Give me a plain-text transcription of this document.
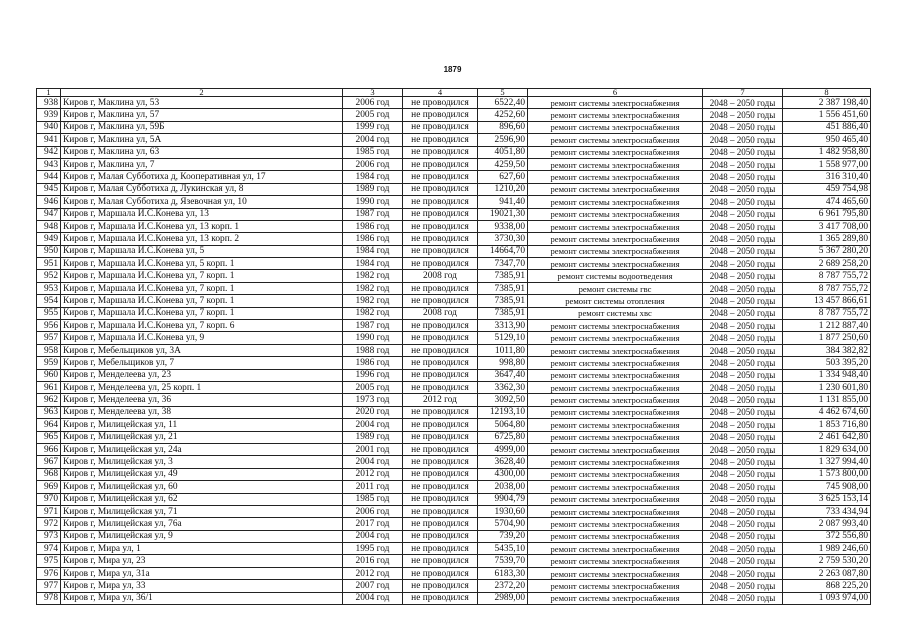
1879
1	2	3	4	5	6	7	8
938	Киров г, Маклина ул, 53	2006 год	не проводился	6522,40	ремонт системы электроснабжения	2048 – 2050 годы	2 387 198,40
939	Киров г, Маклина ул, 57	2005 год	не проводился	4252,60	ремонт системы электроснабжения	2048 – 2050 годы	1 556 451,60
940	Киров г, Маклина ул, 59Б	1999 год	не проводился	896,60	ремонт системы электроснабжения	2048 – 2050 годы	451 886,40
941	Киров г, Маклина ул, 5А	2004 год	не проводился	2596,90	ремонт системы электроснабжения	2048 – 2050 годы	950 465,40
942	Киров г, Маклина ул, 63	1985 год	не проводился	4051,80	ремонт системы электроснабжения	2048 – 2050 годы	1 482 958,80
943	Киров г, Маклина ул, 7	2006 год	не проводился	4259,50	ремонт системы электроснабжения	2048 – 2050 годы	1 558 977,00
944	Киров г, Малая Субботиха д, Кооперативная ул, 17	1984 год	не проводился	627,60	ремонт системы электроснабжения	2048 – 2050 годы	316 310,40
945	Киров г, Малая Субботиха д, Лукинская ул, 8	1989 год	не проводился	1210,20	ремонт системы электроснабжения	2048 – 2050 годы	459 754,98
946	Киров г, Малая Субботиха д, Язевочная ул, 10	1990 год	не проводился	941,40	ремонт системы электроснабжения	2048 – 2050 годы	474 465,60
947	Киров г, Маршала И.С.Конева ул, 13	1987 год	не проводился	19021,30	ремонт системы электроснабжения	2048 – 2050 годы	6 961 795,80
948	Киров г, Маршала И.С.Конева ул, 13 корп. 1	1986 год	не проводился	9338,00	ремонт системы электроснабжения	2048 – 2050 годы	3 417 708,00
949	Киров г, Маршала И.С.Конева ул, 13 корп. 2	1986 год	не проводился	3730,30	ремонт системы электроснабжения	2048 – 2050 годы	1 365 289,80
950	Киров г, Маршала И.С.Конева ул, 5	1984 год	не проводился	14664,70	ремонт системы электроснабжения	2048 – 2050 годы	5 367 280,20
951	Киров г, Маршала И.С.Конева ул, 5 корп. 1	1984 год	не проводился	7347,70	ремонт системы электроснабжения	2048 – 2050 годы	2 689 258,20
952	Киров г, Маршала И.С.Конева ул, 7 корп. 1	1982 год	2008 год	7385,91	ремонт системы водоотведения	2048 – 2050 годы	8 787 755,72
953	Киров г, Маршала И.С.Конева ул, 7 корп. 1	1982 год	не проводился	7385,91	ремонт системы гвс	2048 – 2050 годы	8 787 755,72
954	Киров г, Маршала И.С.Конева ул, 7 корп. 1	1982 год	не проводился	7385,91	ремонт системы отопления	2048 – 2050 годы	13 457 866,61
955	Киров г, Маршала И.С.Конева ул, 7 корп. 1	1982 год	2008 год	7385,91	ремонт системы хвс	2048 – 2050 годы	8 787 755,72
956	Киров г, Маршала И.С.Конева ул, 7 корп. 6	1987 год	не проводился	3313,90	ремонт системы электроснабжения	2048 – 2050 годы	1 212 887,40
957	Киров г, Маршала И.С.Конева ул, 9	1990 год	не проводился	5129,10	ремонт системы электроснабжения	2048 – 2050 годы	1 877 250,60
958	Киров г, Мебельщиков ул, 3А	1988 год	не проводился	1011,80	ремонт системы электроснабжения	2048 – 2050 годы	384 382,82
959	Киров г, Мебельщиков ул, 7	1986 год	не проводился	998,80	ремонт системы электроснабжения	2048 – 2050 годы	503 395,20
960	Киров г, Менделеева ул, 23	1996 год	не проводился	3647,40	ремонт системы электроснабжения	2048 – 2050 годы	1 334 948,40
961	Киров г, Менделеева ул, 25 корп. 1	2005 год	не проводился	3362,30	ремонт системы электроснабжения	2048 – 2050 годы	1 230 601,80
962	Киров г, Менделеева ул, 36	1973 год	2012 год	3092,50	ремонт системы электроснабжения	2048 – 2050 годы	1 131 855,00
963	Киров г, Менделеева ул, 38	2020 год	не проводился	12193,10	ремонт системы электроснабжения	2048 – 2050 годы	4 462 674,60
964	Киров г, Милицейская ул, 11	2004 год	не проводился	5064,80	ремонт системы электроснабжения	2048 – 2050 годы	1 853 716,80
965	Киров г, Милицейская ул, 21	1989 год	не проводился	6725,80	ремонт системы электроснабжения	2048 – 2050 годы	2 461 642,80
966	Киров г, Милицейская ул, 24а	2001 год	не проводился	4999,00	ремонт системы электроснабжения	2048 – 2050 годы	1 829 634,00
967	Киров г, Милицейская ул, 3	2004 год	не проводился	3628,40	ремонт системы электроснабжения	2048 – 2050 годы	1 327 994,40
968	Киров г, Милицейская ул, 49	2012 год	не проводился	4300,00	ремонт системы электроснабжения	2048 – 2050 годы	1 573 800,00
969	Киров г, Милицейская ул, 60	2011 год	не проводился	2038,00	ремонт системы электроснабжения	2048 – 2050 годы	745 908,00
970	Киров г, Милицейская ул, 62	1985 год	не проводился	9904,79	ремонт системы электроснабжения	2048 – 2050 годы	3 625 153,14
971	Киров г, Милицейская ул, 71	2006 год	не проводился	1930,60	ремонт системы электроснабжения	2048 – 2050 годы	733 434,94
972	Киров г, Милицейская ул, 76а	2017 год	не проводился	5704,90	ремонт системы электроснабжения	2048 – 2050 годы	2 087 993,40
973	Киров г, Милицейская ул, 9	2004 год	не проводился	739,20	ремонт системы электроснабжения	2048 – 2050 годы	372 556,80
974	Киров г, Мира ул, 1	1995 год	не проводился	5435,10	ремонт системы электроснабжения	2048 – 2050 годы	1 989 246,60
975	Киров г, Мира ул, 23	2016 год	не проводился	7539,70	ремонт системы электроснабжения	2048 – 2050 годы	2 759 530,20
976	Киров г, Мира ул, 31а	2012 год	не проводился	6183,30	ремонт системы электроснабжения	2048 – 2050 годы	2 263 087,80
977	Киров г, Мира ул, 33	2007 год	не проводился	2372,20	ремонт системы электроснабжения	2048 – 2050 годы	868 225,20
978	Киров г, Мира ул, 36/1	2004 год	не проводился	2989,00	ремонт системы электроснабжения	2048 – 2050 годы	1 093 974,00
